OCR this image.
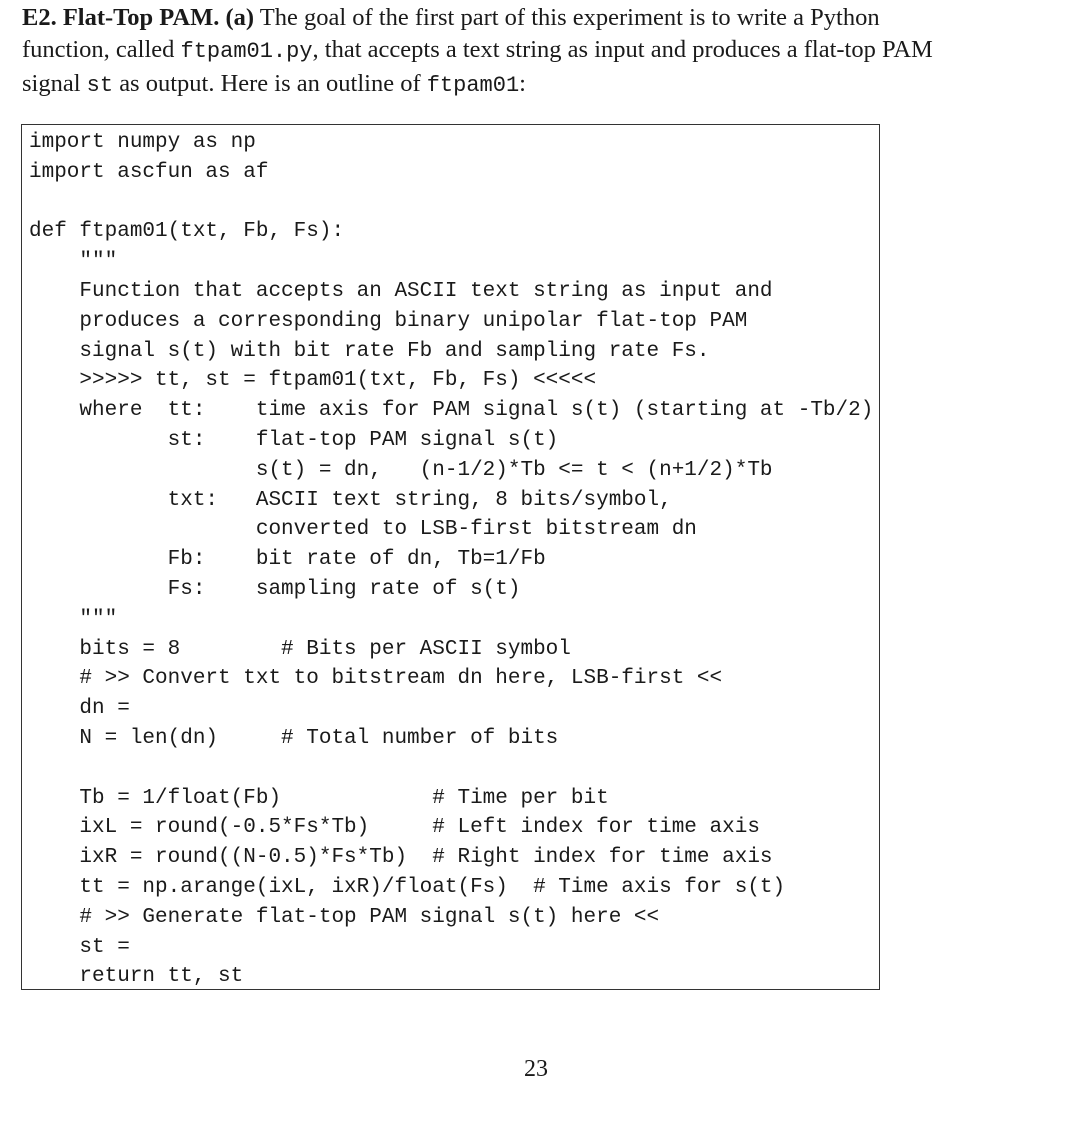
E2. Flat-Top PAM. (a) The goal of the first part of this experiment is to write a Python
function, called ftpam01.py, that accepts a text string as input and produces a flat-top PAM
signal st as output. Here is an outline of ftpam01:
import numpy as np
import ascfun as af
def ftpam01(txt, Fb, Fs):
"""
Function that accepts an ASCII text string as input and
produces a corresponding binary unipolar flat-top PAM
signal s(t) with bit rate Fb and sampling rate Fs.
>>>>> tt, st = ftpam01(txt, Fb, Fs) <<<<<
where  tt:    time axis for PAM signal s(t) (starting at -Tb/2)
st:    flat-top PAM signal s(t)
s(t) = dn,   (n-1/2)*Tb <= t < (n+1/2)*Tb
txt:   ASCII text string, 8 bits/symbol,
converted to LSB-first bitstream dn
Fb:    bit rate of dn, Tb=1/Fb
Fs:    sampling rate of s(t)
"""
bits = 8        # Bits per ASCII symbol
# >> Convert txt to bitstream dn here, LSB-first <<
dn =
N = len(dn)     # Total number of bits
Tb = 1/float(Fb)            # Time per bit
ixL = round(-0.5*Fs*Tb)     # Left index for time axis
ixR = round((N-0.5)*Fs*Tb)  # Right index for time axis
tt = np.arange(ixL, ixR)/float(Fs)  # Time axis for s(t)
# >> Generate flat-top PAM signal s(t) here <<
st =
return tt, st
23
